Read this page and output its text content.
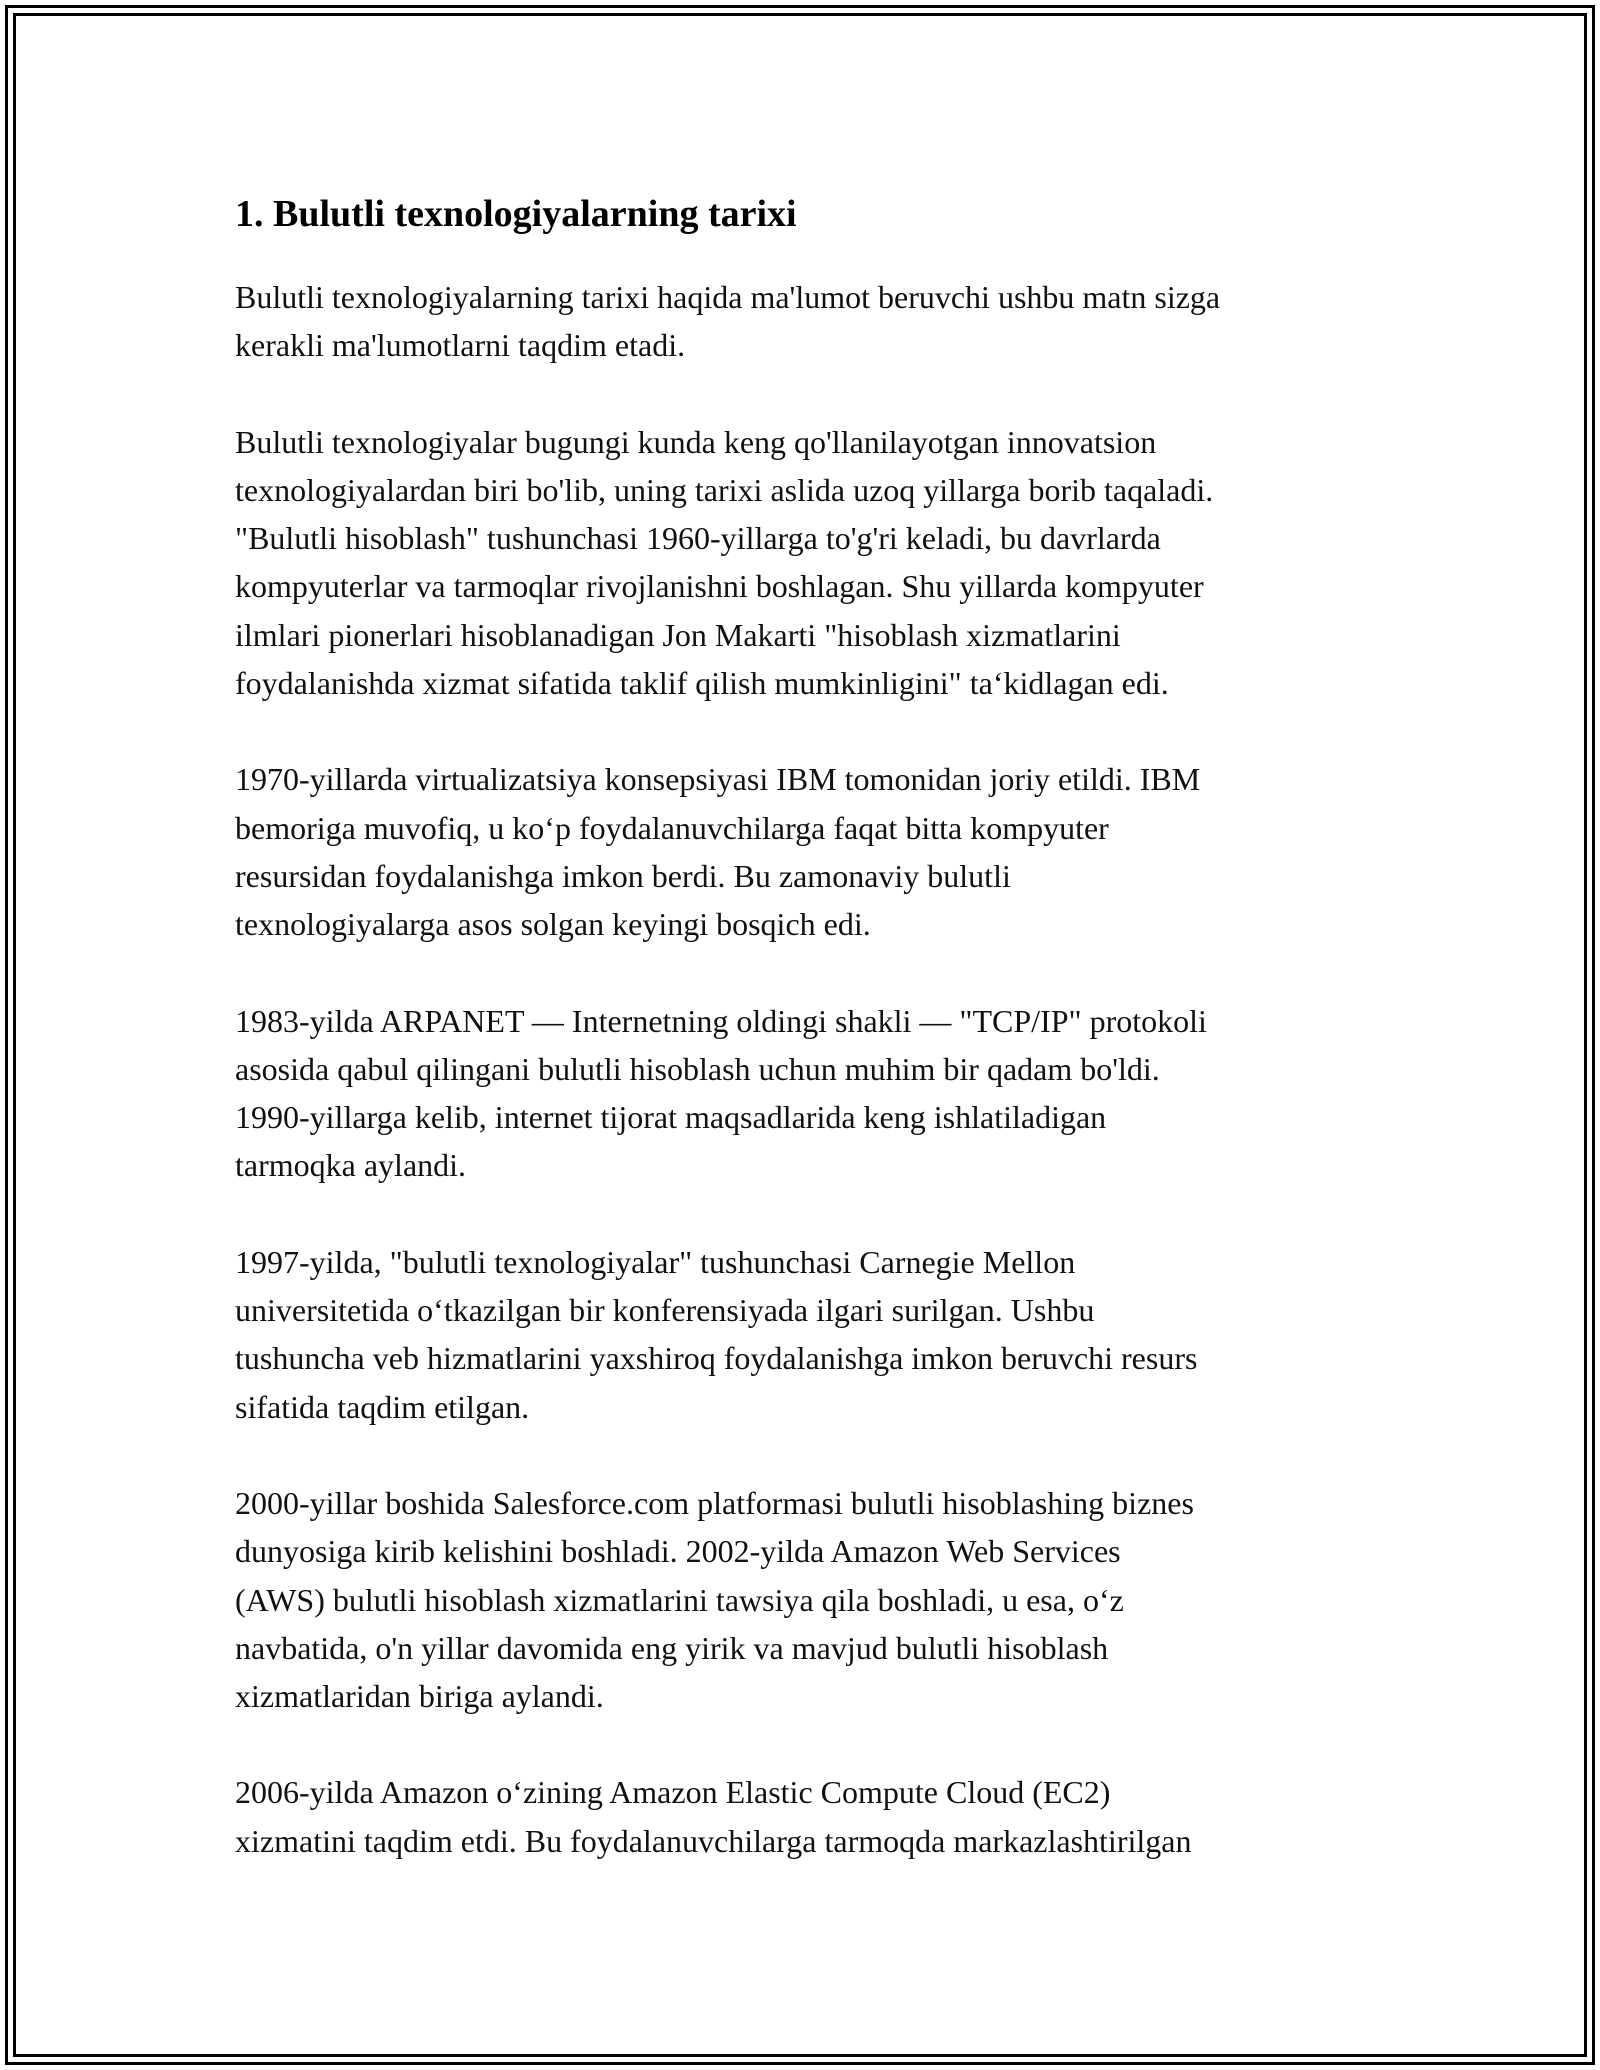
1. Bulutli texnologiyalarning tarixi

Bulutli texnologiyalarning tarixi haqida ma'lumot beruvchi ushbu matn sizga
kerakli ma'lumotlarni taqdim etadi.

Bulutli texnologiyalar bugungi kunda keng qo'llanilayotgan innovatsion
texnologiyalardan biri bo'lib, uning tarixi aslida uzoq yillarga borib taqaladi.
"Bulutli hisoblash" tushunchasi 1960-yillarga to'g'ri keladi, bu davrlarda
kompyuterlar va tarmoqlar rivojlanishni boshlagan. Shu yillarda kompyuter
ilmlari pionerlari hisoblanadigan Jon Makarti "hisoblash xizmatlarini
foydalanishda xizmat sifatida taklif qilish mumkinligini" ta‘kidlagan edi.

1970-yillarda virtualizatsiya konsepsiyasi IBM tomonidan joriy etildi. IBM
bemoriga muvofiq, u ko‘p foydalanuvchilarga faqat bitta kompyuter
resursidan foydalanishga imkon berdi. Bu zamonaviy bulutli
texnologiyalarga asos solgan keyingi bosqich edi.

1983-yilda ARPANET — Internetning oldingi shakli — "TCP/IP" protokoli
asosida qabul qilingani bulutli hisoblash uchun muhim bir qadam bo'ldi.
1990-yillarga kelib, internet tijorat maqsadlarida keng ishlatiladigan
tarmoqka aylandi.

1997-yilda, "bulutli texnologiyalar" tushunchasi Carnegie Mellon
universitetida o‘tkazilgan bir konferensiyada ilgari surilgan. Ushbu
tushuncha veb hizmatlarini yaxshiroq foydalanishga imkon beruvchi resurs
sifatida taqdim etilgan.

2000-yillar boshida Salesforce.com platformasi bulutli hisoblashing biznes
dunyosiga kirib kelishini boshladi. 2002-yilda Amazon Web Services
(AWS) bulutli hisoblash xizmatlarini tawsiya qila boshladi, u esa, o‘z
navbatida, o'n yillar davomida eng yirik va mavjud bulutli hisoblash
xizmatlaridan biriga aylandi.

2006-yilda Amazon o‘zining Amazon Elastic Compute Cloud (EC2)
xizmatini taqdim etdi. Bu foydalanuvchilarga tarmoqda markazlashtirilgan
